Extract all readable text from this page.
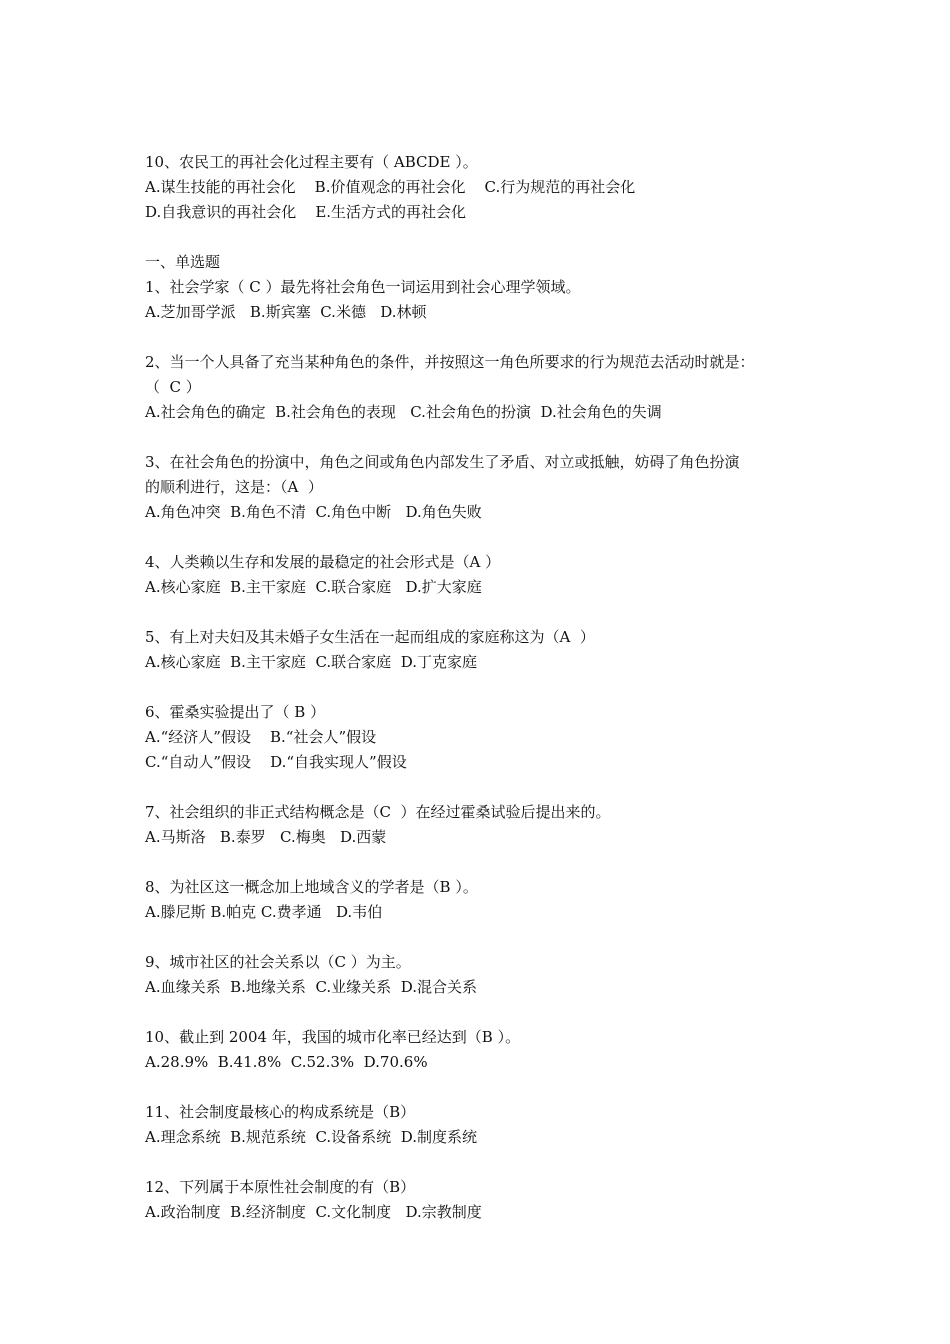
10、农民工的再社会化过程主要有（ ABCDE ）。
A.谋生技能的再社会化    B.价值观念的再社会化    C.行为规范的再社会化
D.自我意识的再社会化    E.生活方式的再社会化
一、单选题
1、社会学家（ C ）最先将社会角色一词运用到社会心理学领域。
A.芝加哥学派   B.斯宾塞  C.米德   D.林顿
2、当一个人具备了充当某种角色的条件，并按照这一角色所要求的行为规范去活动时就是：
（  C ）
A.社会角色的确定  B.社会角色的表现   C.社会角色的扮演  D.社会角色的失调
3、在社会角色的扮演中，角色之间或角色内部发生了矛盾、对立或抵触，妨碍了角色扮演
的顺利进行，这是：（A  ）
A.角色冲突  B.角色不清  C.角色中断   D.角色失败
4、人类赖以生存和发展的最稳定的社会形式是（A ）
A.核心家庭  B.主干家庭  C.联合家庭   D.扩大家庭
5、有上对夫妇及其未婚子女生活在一起而组成的家庭称这为（A  ）
A.核心家庭  B.主干家庭  C.联合家庭  D.丁克家庭
6、霍桑实验提出了（ B ）
A.“经济人”假设    B.“社会人”假设
C.“自动人”假设    D.“自我实现人”假设
7、社会组织的非正式结构概念是（C  ）在经过霍桑试验后提出来的。
A.马斯洛   B.泰罗   C.梅奥   D.西蒙
8、为社区这一概念加上地域含义的学者是（B ）。
A.滕尼斯 B.帕克 C.费孝通   D.韦伯
9、城市社区的社会关系以（C ）为主。
A.血缘关系  B.地缘关系  C.业缘关系  D.混合关系
10、截止到 2004 年，我国的城市化率已经达到（B ）。
A.28.9%  B.41.8%  C.52.3%  D.70.6%
11、社会制度最核心的构成系统是（B）
A.理念系统  B.规范系统  C.设备系统  D.制度系统
12、下列属于本原性社会制度的有（B）
A.政治制度  B.经济制度  C.文化制度   D.宗教制度
